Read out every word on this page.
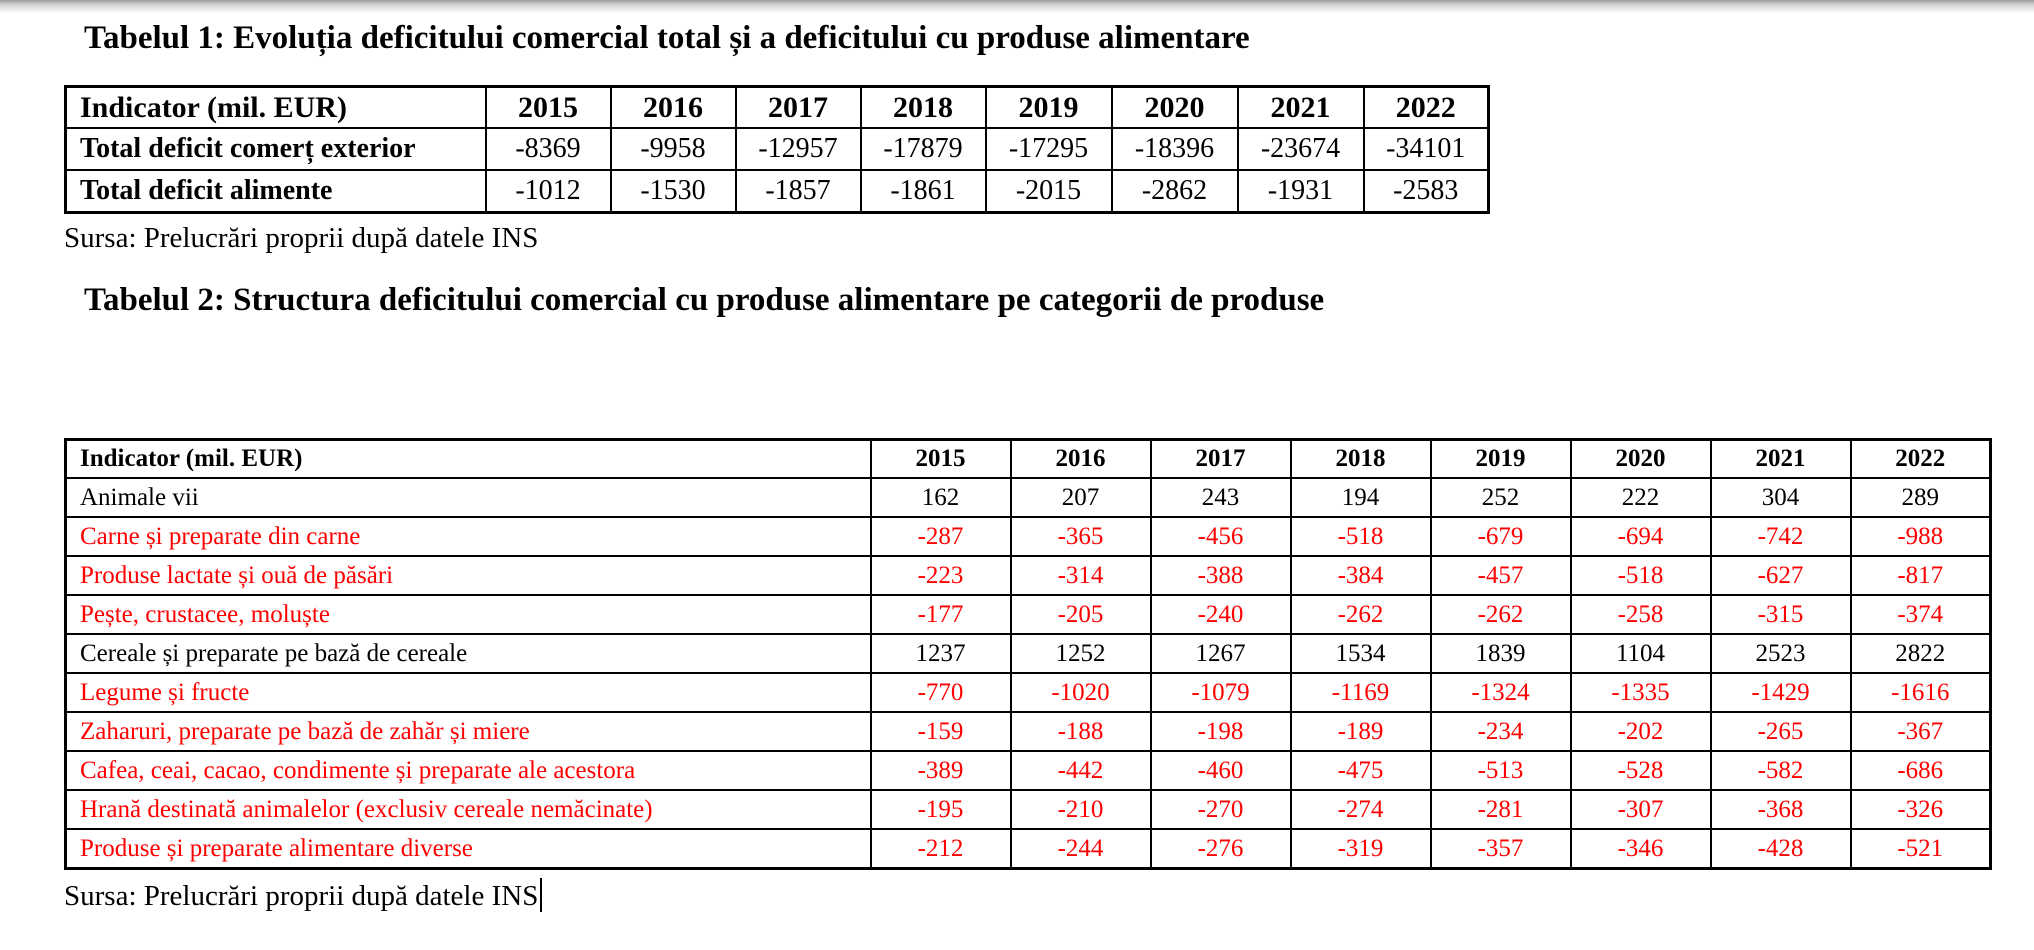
Tabelul 1: Evoluția deficitului comercial total și a deficitului cu produse alimentare
Indicator (mil. EUR)	2015	2016	2017	2018	2019	2020	2021	2022
Total deficit comerț exterior	-8369	-9958	-12957	-17879	-17295	-18396	-23674	-34101
Total deficit alimente	-1012	-1530	-1857	-1861	-2015	-2862	-1931	-2583

Sursa: Prelucrări proprii după datele INS

Tabelul 2: Structura deficitului comercial cu produse alimentare pe categorii de produse
Indicator (mil. EUR)	2015	2016	2017	2018	2019	2020	2021	2022
Animale vii	162	207	243	194	252	222	304	289
Carne și preparate din carne	-287	-365	-456	-518	-679	-694	-742	-988
Produse lactate și ouă de păsări	-223	-314	-388	-384	-457	-518	-627	-817
Pește, crustacee, moluște	-177	-205	-240	-262	-262	-258	-315	-374
Cereale și preparate pe bază de cereale	1237	1252	1267	1534	1839	1104	2523	2822
Legume și fructe	-770	-1020	-1079	-1169	-1324	-1335	-1429	-1616
Zaharuri, preparate pe bază de zahăr și miere	-159	-188	-198	-189	-234	-202	-265	-367
Cafea, ceai, cacao, condimente și preparate ale acestora	-389	-442	-460	-475	-513	-528	-582	-686
Hrană destinată animalelor (exclusiv cereale nemăcinate)	-195	-210	-270	-274	-281	-307	-368	-326
Produse și preparate alimentare diverse	-212	-244	-276	-319	-357	-346	-428	-521

Sursa: Prelucrări proprii după datele INS
